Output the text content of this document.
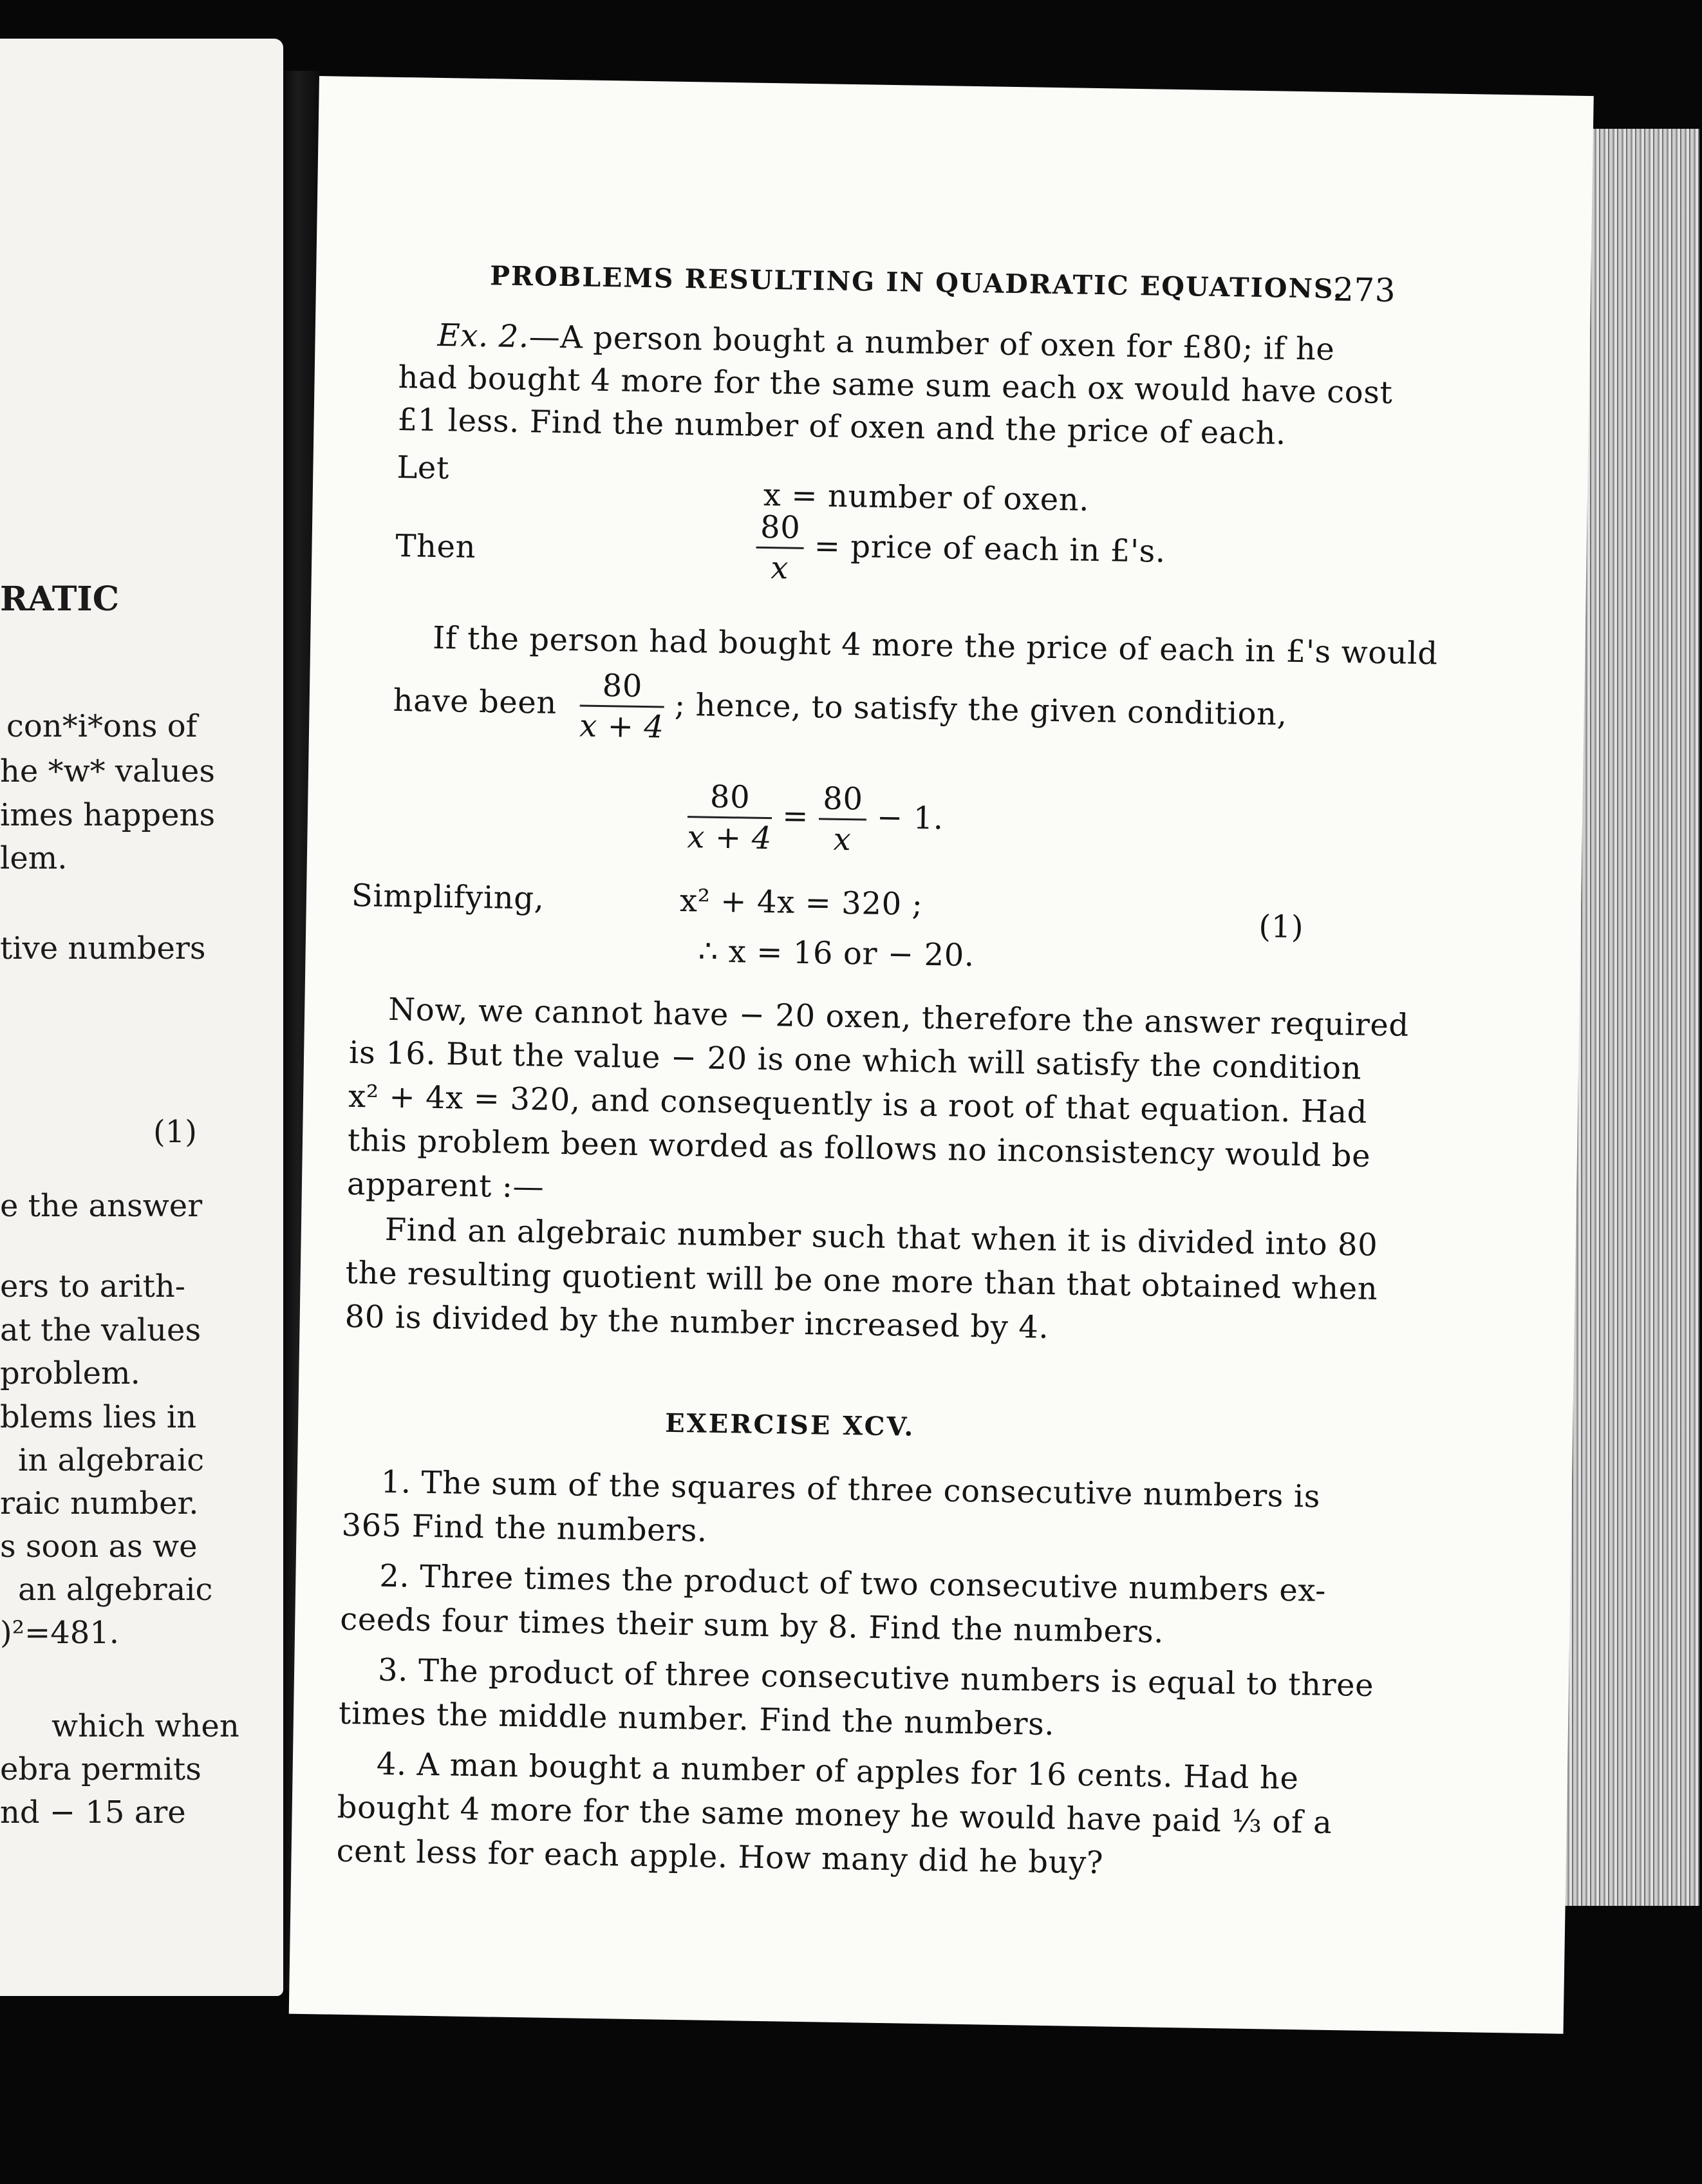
RATIC
con*i*ons of
he *w* values
imes happens
lem.
tive numbers
(1)
e the answer
ers to arith-
at the values
problem.
blems lies in
in algebraic
raic number.
s soon as we
an algebraic
)²=481.
which when
ebra permits
nd − 15 are
PROBLEMS RESULTING IN QUADRATIC EQUATIONS.
273
Ex. 2.—A person bought a number of oxen for £80; if he
had bought 4 more for the same sum each ox would have cost
£1 less. Find the number of oxen and the price of each.
Let
x = number of oxen.
Then	$\frac{80}{x}$ = price of each in £'s.
If the person had bought 4 more the price of each in £'s would
have been $\frac{80}{x + 4}$ ; hence, to satisfy the given condition,
$\frac{80}{x + 4} = \frac{80}{x} - 1$.
Simplifying,	x² + 4x = 320 ;
(1)
∴ x = 16 or − 20.
Now, we cannot have − 20 oxen, therefore the answer required
is 16. But the value − 20 is one which will satisfy the condition
x² + 4x = 320, and consequently is a root of that equation. Had
this problem been worded as follows no inconsistency would be
apparent :—
Find an algebraic number such that when it is divided into 80
the resulting quotient will be one more than that obtained when
80 is divided by the number increased by 4.
EXERCISE XCV.
1. The sum of the squares of three consecutive numbers is
365 Find the numbers.
2. Three times the product of two consecutive numbers ex-
ceeds four times their sum by 8. Find the numbers.
3. The product of three consecutive numbers is equal to three
times the middle number. Find the numbers.
4. A man bought a number of apples for 16 cents. Had he
bought 4 more for the same money he would have paid ⅓ of a
cent less for each apple. How many did he buy?
